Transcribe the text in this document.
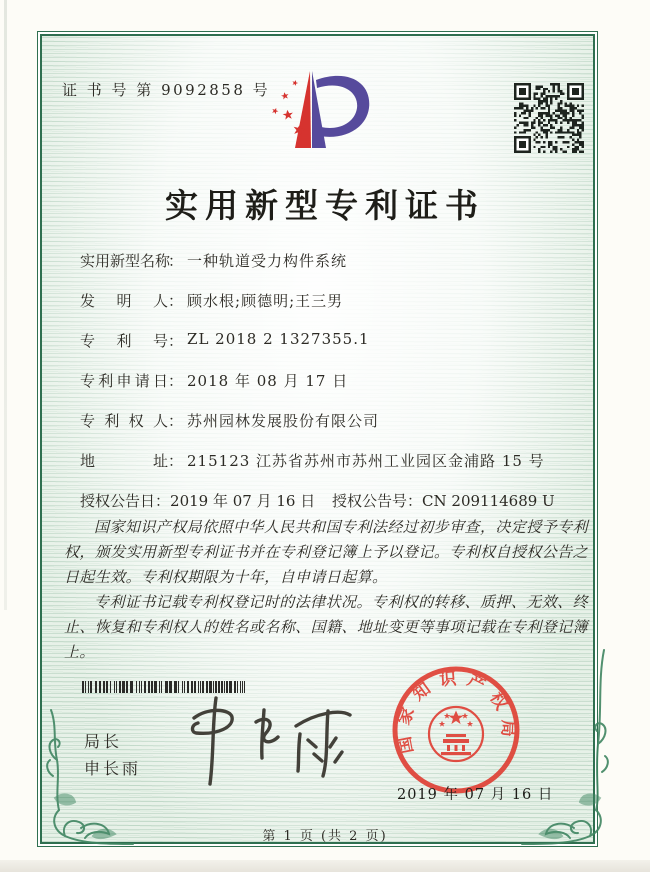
证 书 号 第 9092858 号
实用新型专利证书
实用新型名称
： 一种轨道受力构件系统
发明人 ： 顾水根;顾德明;王三男
专利号 ： ZL 2018 2 1327355.1
专利申请日 ： 2018 年 08 月 17 日
专利权人 ： 苏州园林发展股份有限公司
地址 ： 215123 江苏省苏州市苏州工业园区金浦路 15 号
授权公告日：2019 年 07 月 16 日 授权公告号：CN 209114689 U

国家知识产权局依照中华人民共和国专利法经过初步审查，决定授予专利权，颁发实用新型专利证书并在专利登记簿上予以登记。专利权自授权公告之日起生效。专利权期限为十年，自申请日起算。

专利证书记载专利权登记时的法律状况。专利权的转移、质押、无效、终止、恢复和专利权人的姓名或名称、国籍、地址变更等事项记载在专利登记簿上。

局长
申长雨
国家知识产权局
2019 年 07 月 16 日
第 1 页 (共 2 页)
